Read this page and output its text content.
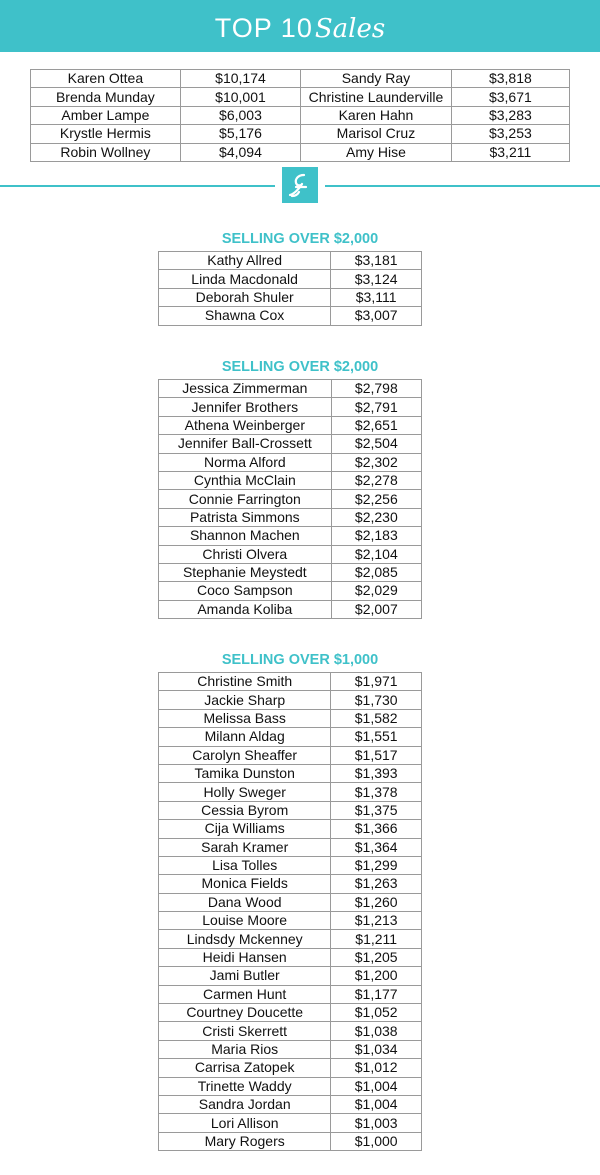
TOP 10Sales
Karen Ottea	$10,174	Sandy Ray	$3,818
Brenda Munday	$10,001	Christine Launderville	$3,671
Amber Lampe	$6,003	Karen Hahn	$3,283
Krystle Hermis	$5,176	Marisol Cruz	$3,253
Robin Wollney	$4,094	Amy Hise	$3,211
SELLING OVER $2,000
Kathy Allred	$3,181
Linda Macdonald	$3,124
Deborah Shuler	$3,111
Shawna Cox	$3,007
SELLING OVER $2,000
Jessica Zimmerman	$2,798
Jennifer Brothers	$2,791
Athena Weinberger	$2,651
Jennifer Ball-Crossett	$2,504
Norma Alford	$2,302
Cynthia McClain	$2,278
Connie Farrington	$2,256
Patrista Simmons	$2,230
Shannon Machen	$2,183
Christi Olvera	$2,104
Stephanie Meystedt	$2,085
Coco Sampson	$2,029
Amanda Koliba	$2,007
SELLING OVER $1,000
Christine Smith	$1,971
Jackie Sharp	$1,730
Melissa Bass	$1,582
Milann Aldag	$1,551
Carolyn Sheaffer	$1,517
Tamika Dunston	$1,393
Holly Sweger	$1,378
Cessia Byrom	$1,375
Cija Williams	$1,366
Sarah Kramer	$1,364
Lisa Tolles	$1,299
Monica Fields	$1,263
Dana Wood	$1,260
Louise Moore	$1,213
Lindsdy Mckenney	$1,211
Heidi Hansen	$1,205
Jami Butler	$1,200
Carmen Hunt	$1,177
Courtney Doucette	$1,052
Cristi Skerrett	$1,038
Maria Rios	$1,034
Carrisa Zatopek	$1,012
Trinette Waddy	$1,004
Sandra Jordan	$1,004
Lori Allison	$1,003
Mary Rogers	$1,000
